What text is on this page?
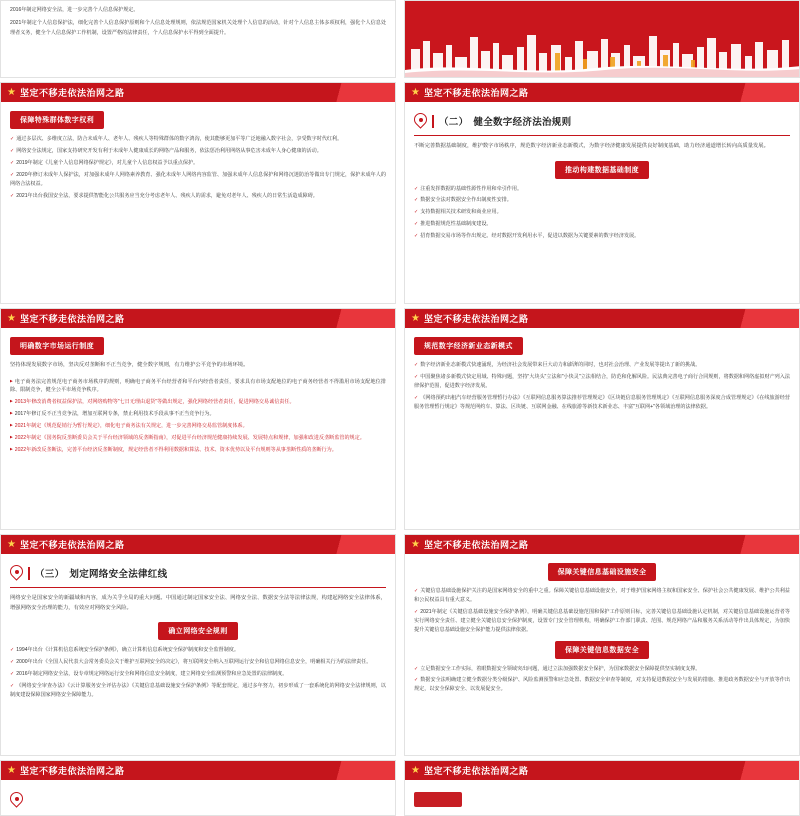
2016年制定网络安全法，进一步完善个人信息保护规定。

2021年制定个人信息保护法，细化完善个人信息保护原则和个人信息处理规则，依法规范国家机关处理个人信息的活动，针对个人信息主体多项权利，强化个人信息处理者义务，健全个人信息保护工作机制，设置严格的法律责任，个人信息保护水平得到全面提升。

★ 坚定不移走依法治网之路
保障特殊群体数字权利

✓ 通过多层次、多维度立法，防合未成年人、老年人、残疾人等特殊群体的数字鸿沟，使其能够更加平等广泛地融入数字社会，享受数字时代红利。

✓ 网络安全法规定，国家支持研究开发有利于未成年人健康成长的网络产品和服务，依法惩治利用网络从事危害未成年人身心健康的活动。

✓ 2019年制定《儿童个人信息网络保护规定》，对儿童个人信息权益予以重点保护。

✓ 2020年修订未成年人保护法，对加强未成年人网络素养教育、强化未成年人网络内容监管、加强未成年人信息保护和网络沉迷防治等做出专门规定，保护未成年人的网络合法权益。

✓ 2021年出台我国安全法，要求提供智能化公共服务应当充分考虑老年人、残疾人的需求，避免对老年人、残疾人的日常生活造成障碍。

★ 坚定不移走依法治网之路
（二） 健全数字经济法治规则

不断完善数据基础制度，维护数字市场秩序，规范数字经济新业态新模式，为数字经济健康发展提供良好制度基础，助力经济通道增长转向高质量发展。

推动构建数据基础制度

✓ 注重发挥数据的基础性源性作用和牵引作用。

✓ 数据安全法对数据安全作出制度性安排。

✓ 支持数据相关技术研发和商业应用。

✓ 推进数据规范性基础制度建设。

✓ 招育数据交易市场等作出规定。经对数据开发利用水平，促进以数据为关键要素的数字经济发展。

★ 坚定不移走依法治网之路
明确数字市场运行制度

坚持体现发展数字市场，坚决反对垄断和不正当竞争，健全数字规则，有力维护公平竞争的市场环境。

▶ 电子商务法完善规范电子商务市场秩序的规则，明确电子商务平台经营者和平台内经营者责任，要求具有市场支配地位的电子商务经营者不得滥用市场支配地位排除、限制竞争，健全公平市场竞争秩序。

▶ 2013年修改消费者权益保护法，对网络购物等"七日无理由退货"等做出规定，强化网络经营者责任，促进网络交易诚信责任。

▶ 2017年修订反不正当竞争法，增加互联网专条，禁止利用技术手段从事不正当竞争行为。

▶ 2021年制定《规范促销行为暂行规定》，细化电子商务法有关规定，进一步完善网络交易监管制度体系。

▶ 2022年制定《国务院反垄断委员会关于平台经济领域的反垄断指南》，对促进平台经济规范健康持续发展、发展特点和规律，加强和改进反垄断监管的规定。

▶ 2022年新改反垄断法，完善平台经济反垄断制度，规定经营者不得利用数据和算法、技术、资本优势以及平台规则等从事垄断性质的垄断行为。

★ 坚定不移走依法治网之路
规范数字经济新业态新模式

✓ 数字经济新业态新模式快速涌现，为经济社会发展带来巨大动力和澎湃的同时，也对社会治理、产业发展等提出了新的挑战。

✓ 中国聚焦诸多新模式快定用域、特殊问题，坚持"大块头"立法和"小快灵"立法相结合，防范和化解风险。民法典完善电子商行合同规则，将数据和网络虚拟财产列入法律保护范围，促进数字经济发展。

✓ 《网络预约出租汽车经营服务管理暂行办法》《互联网信息服务算法推荐管理规定》《区块链信息服务管理规定》《互联网信息服务深度合成管理规定》《在线旅游经营服务管理暂行规定》等规范网约车、算法、区块链、互联网金融、在线旅游等新技术新业态、丰富"互联网+"各领域治理的法律依据。

★ 坚定不移走依法治网之路
（三） 划定网络安全法律红线

网络安全是国家安全的新疆域和内容，成为关乎全局的重大问题。中国通过制定国家安全法、网络安全法、数据安全法等法律法规，构建起网络安全法律体系，增强网络安全治理的能力，有效应对网络安全风险。

确立网络安全规则

✓ 1994年出台《计算机信息系统安全保护条例》，确立计算机信息系统安全保护制度和安全监督制度。

✓ 2000年出台《全国人民代表大会常务委员会关于维护互联网安全的决定》，将互联网安全纳入互联网运行安全和信息网络信息安全，明确相关行为的法律责任。

✓ 2016年制定网络安全法，设专章规定网络运行安全和网络信息安全制度，建立网络安全监测预警和应急处置的法律制度。

✓ 《网络安全审查办法》《云计算服务安全评估办法》《关键信息基础设施安全保护条例》等配套规定，通过多年努力，初步形成了一套系统化的网络安全法律规则，以制度建设保障国家网络安全保障能力。

★ 坚定不移走依法治网之路
保障关键信息基础设施安全

✓ 关键信息基础设施保护关注的是国家网络安全的重中之重。保障关键信息基础设施安全，对于维护国家网络主权和国家安全、保护社会公共健康发展、维护公共利益和公民权益具有重大意义。

✓ 2021年制定《关键信息基础设施安全保护条例》，明确关键信息基础设施范围和保护工作原则目标，完善关键信息基础设施认定机制，对关键信息基础设施运营者等实行网络安全责任、建立健全关键信息安全保护制度，设置专门安全管理机构，明确保护工作部门职责、范围、规范网络产品和服务关系活动等作出具体规定，为加快提升关键信息基础设施安全保护能力提供法律依据。

保障关键信息数据安全

✓ 立足数据安全工作实际，着眼数据安全领域突出问题，通过立法加强数据安全保护，为国家数据安全保障提供坚实制度支撑。

✓ 数据安全法明确建立健全数据分类分级保护、风险监测预警和应急处置、数据安全审查等制度，对支持促进数据安全与发展的措施、推进政务数据安全与开放等作出规定，以安全保障安全、以发展促安全。

★ 坚定不移走依法治网之路	★ 坚定不移走依法治网之路
